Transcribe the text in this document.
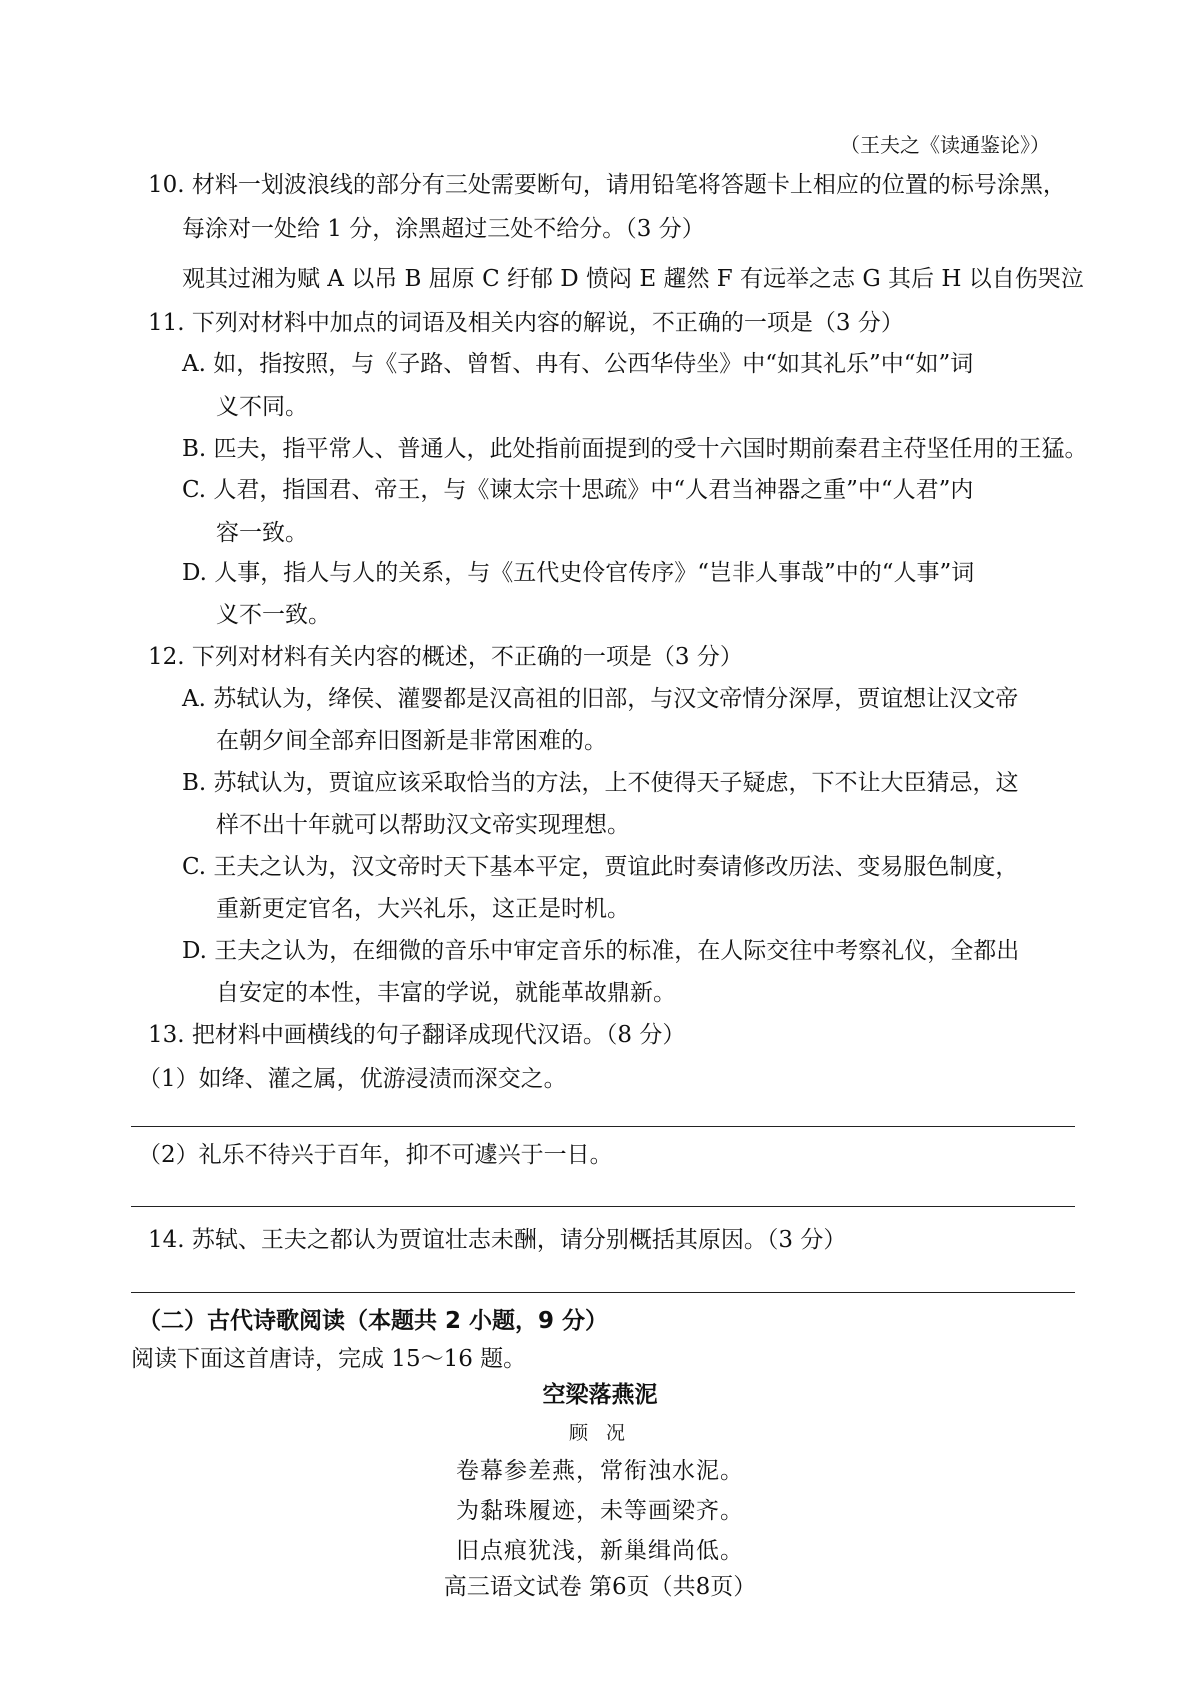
（王夫之《读通鉴论》）
10. 材料一划波浪线的部分有三处需要断句，请用铅笔将答题卡上相应的位置的标号涂黑，
每涂对一处给 1 分，涂黑超过三处不给分。（3 分）
观其过湘为赋 A 以吊 B 屈原 C 纡郁 D 愤闷 E 趯然 F 有远举之志 G 其后 H 以自伤哭泣
11. 下列对材料中加点的词语及相关内容的解说，不正确的一项是（3 分）
A. 如，指按照，与《子路、曾皙、冉有、公西华侍坐》中“如其礼乐”中“如”词
义不同。
B. 匹夫，指平常人、普通人，此处指前面提到的受十六国时期前秦君主苻坚任用的王猛。
C. 人君，指国君、帝王，与《谏太宗十思疏》中“人君当神器之重”中“人君”内
容一致。
D. 人事，指人与人的关系，与《五代史伶官传序》“岂非人事哉”中的“人事”词
义不一致。
12. 下列对材料有关内容的概述，不正确的一项是（3 分）
A. 苏轼认为，绛侯、灌婴都是汉高祖的旧部，与汉文帝情分深厚，贾谊想让汉文帝
在朝夕间全部弃旧图新是非常困难的。
B. 苏轼认为，贾谊应该采取恰当的方法，上不使得天子疑虑，下不让大臣猜忌，这
样不出十年就可以帮助汉文帝实现理想。
C. 王夫之认为，汉文帝时天下基本平定，贾谊此时奏请修改历法、变易服色制度，
重新更定官名，大兴礼乐，这正是时机。
D. 王夫之认为，在细微的音乐中审定音乐的标准，在人际交往中考察礼仪，全都出
自安定的本性，丰富的学说，就能革故鼎新。
13. 把材料中画横线的句子翻译成现代汉语。（8 分）
（1）如绛、灌之属，优游浸渍而深交之。
（2）礼乐不待兴于百年，抑不可遽兴于一日。
14. 苏轼、王夫之都认为贾谊壮志未酬，请分别概括其原因。（3 分）
（二）古代诗歌阅读（本题共 2 小题，9 分）
阅读下面这首唐诗，完成 15～16 题。
空梁落燕泥
顾 况
卷幕参差燕，常衔浊水泥。
为黏珠履迹，未等画梁齐。
旧点痕犹浅，新巢缉尚低。
高三语文试卷 第6页（共8页）
